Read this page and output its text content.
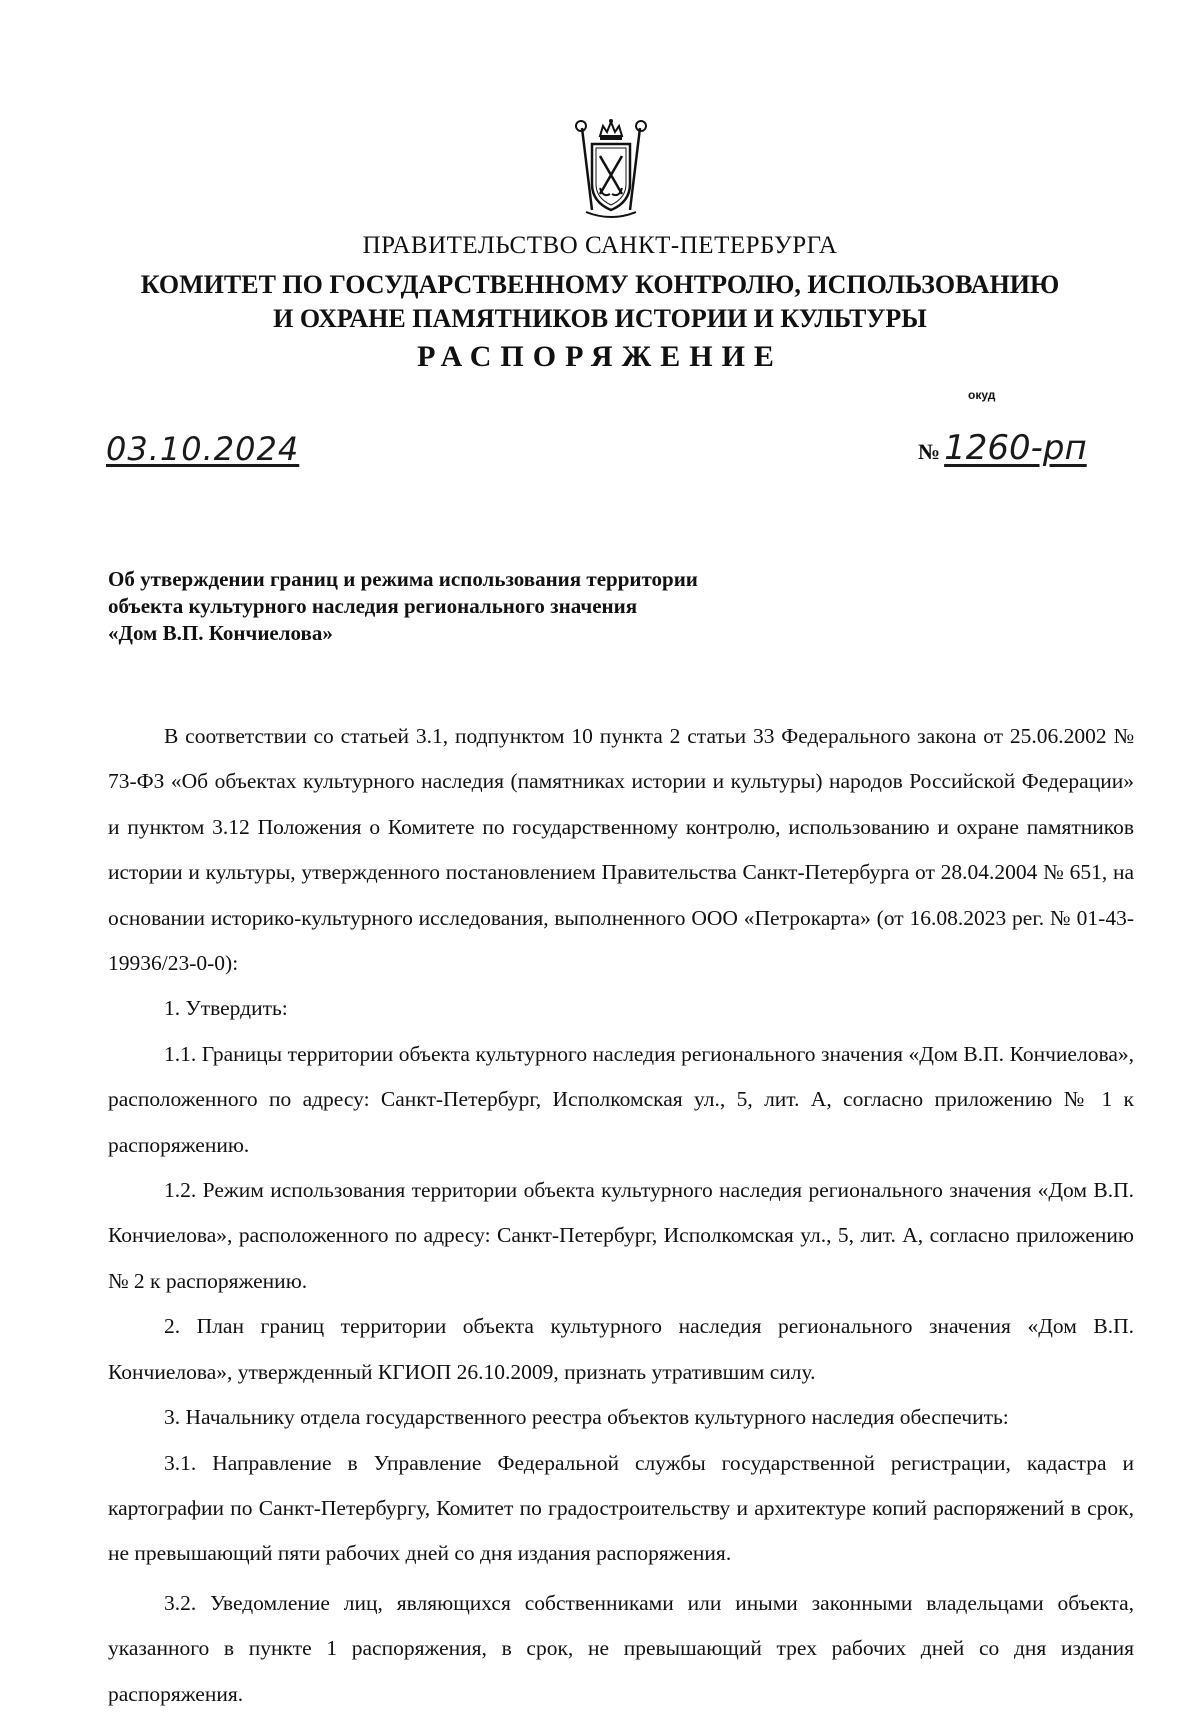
ПРАВИТЕЛЬСТВО САНКТ-ПЕТЕРБУРГА
КОМИТЕТ ПО ГОСУДАРСТВЕННОМУ КОНТРОЛЮ, ИСПОЛЬЗОВАНИЮ
И ОХРАНЕ ПАМЯТНИКОВ ИСТОРИИ И КУЛЬТУРЫ
РАСПОРЯЖЕНИЕ
окуд
03.10.2024	№ 1260-рп
Об утверждении границ и режима использования территории
объекта культурного наследия регионального значения
«Дом В.П. Кончиелова»

В соответствии со статьей 3.1, подпунктом 10 пункта 2 статьи 33 Федерального закона от 25.06.2002 № 73-ФЗ «Об объектах культурного наследия (памятниках истории и культуры) народов Российской Федерации» и пунктом 3.12 Положения о Комитете по государственному контролю, использованию и охране памятников истории и культуры, утвержденного постановлением Правительства Санкт-Петербурга от 28.04.2004 № 651, на основании историко-культурного исследования, выполненного ООО «Петрокарта» (от 16.08.2023 рег. № 01-43-19936/23-0-0):

1. Утвердить:

1.1. Границы территории объекта культурного наследия регионального значения «Дом В.П. Кончиелова», расположенного по адресу: Санкт-Петербург, Исполкомская ул., 5, лит. А, согласно приложению № 1 к распоряжению.

1.2. Режим использования территории объекта культурного наследия регионального значения «Дом В.П. Кончиелова», расположенного по адресу: Санкт-Петербург, Исполкомская ул., 5, лит. А, согласно приложению № 2 к распоряжению.

2. План границ территории объекта культурного наследия регионального значения «Дом В.П. Кончиелова», утвержденный КГИОП 26.10.2009, признать утратившим силу.

3. Начальнику отдела государственного реестра объектов культурного наследия обеспечить:

3.1. Направление в Управление Федеральной службы государственной регистрации, кадастра и картографии по Санкт-Петербургу, Комитет по градостроительству и архитектуре копий распоряжений в срок, не превышающий пяти рабочих дней со дня издания распоряжения.

3.2. Уведомление лиц, являющихся собственниками или иными законными владельцами объекта, указанного в пункте 1 распоряжения, в срок, не превышающий трех рабочих дней со дня издания распоряжения.
